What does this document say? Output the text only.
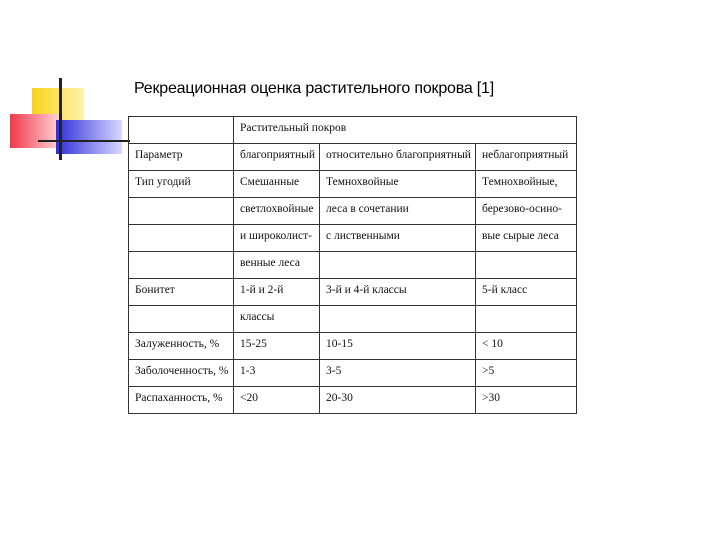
Рекреационная оценка растительного покрова [1]
	Растительный покров		
Параметр	благоприятный	относительно благоприятный	неблагоприятный
Тип угодий	Смешанные	Темнохвойные	Темнохвойные,
	светлохвойные	леса в сочетании	березово-осино-
	и широколист-	с лиственными	вые сырые леса
	венные леса		
Бонитет	1-й и 2-й	3-й и 4-й классы	5-й класс
	классы		
Залуженность, %	15-25	10-15	< 10
Заболоченность, %	1-3	3-5	>5
Распаханность, %	<20	20-30	>30
